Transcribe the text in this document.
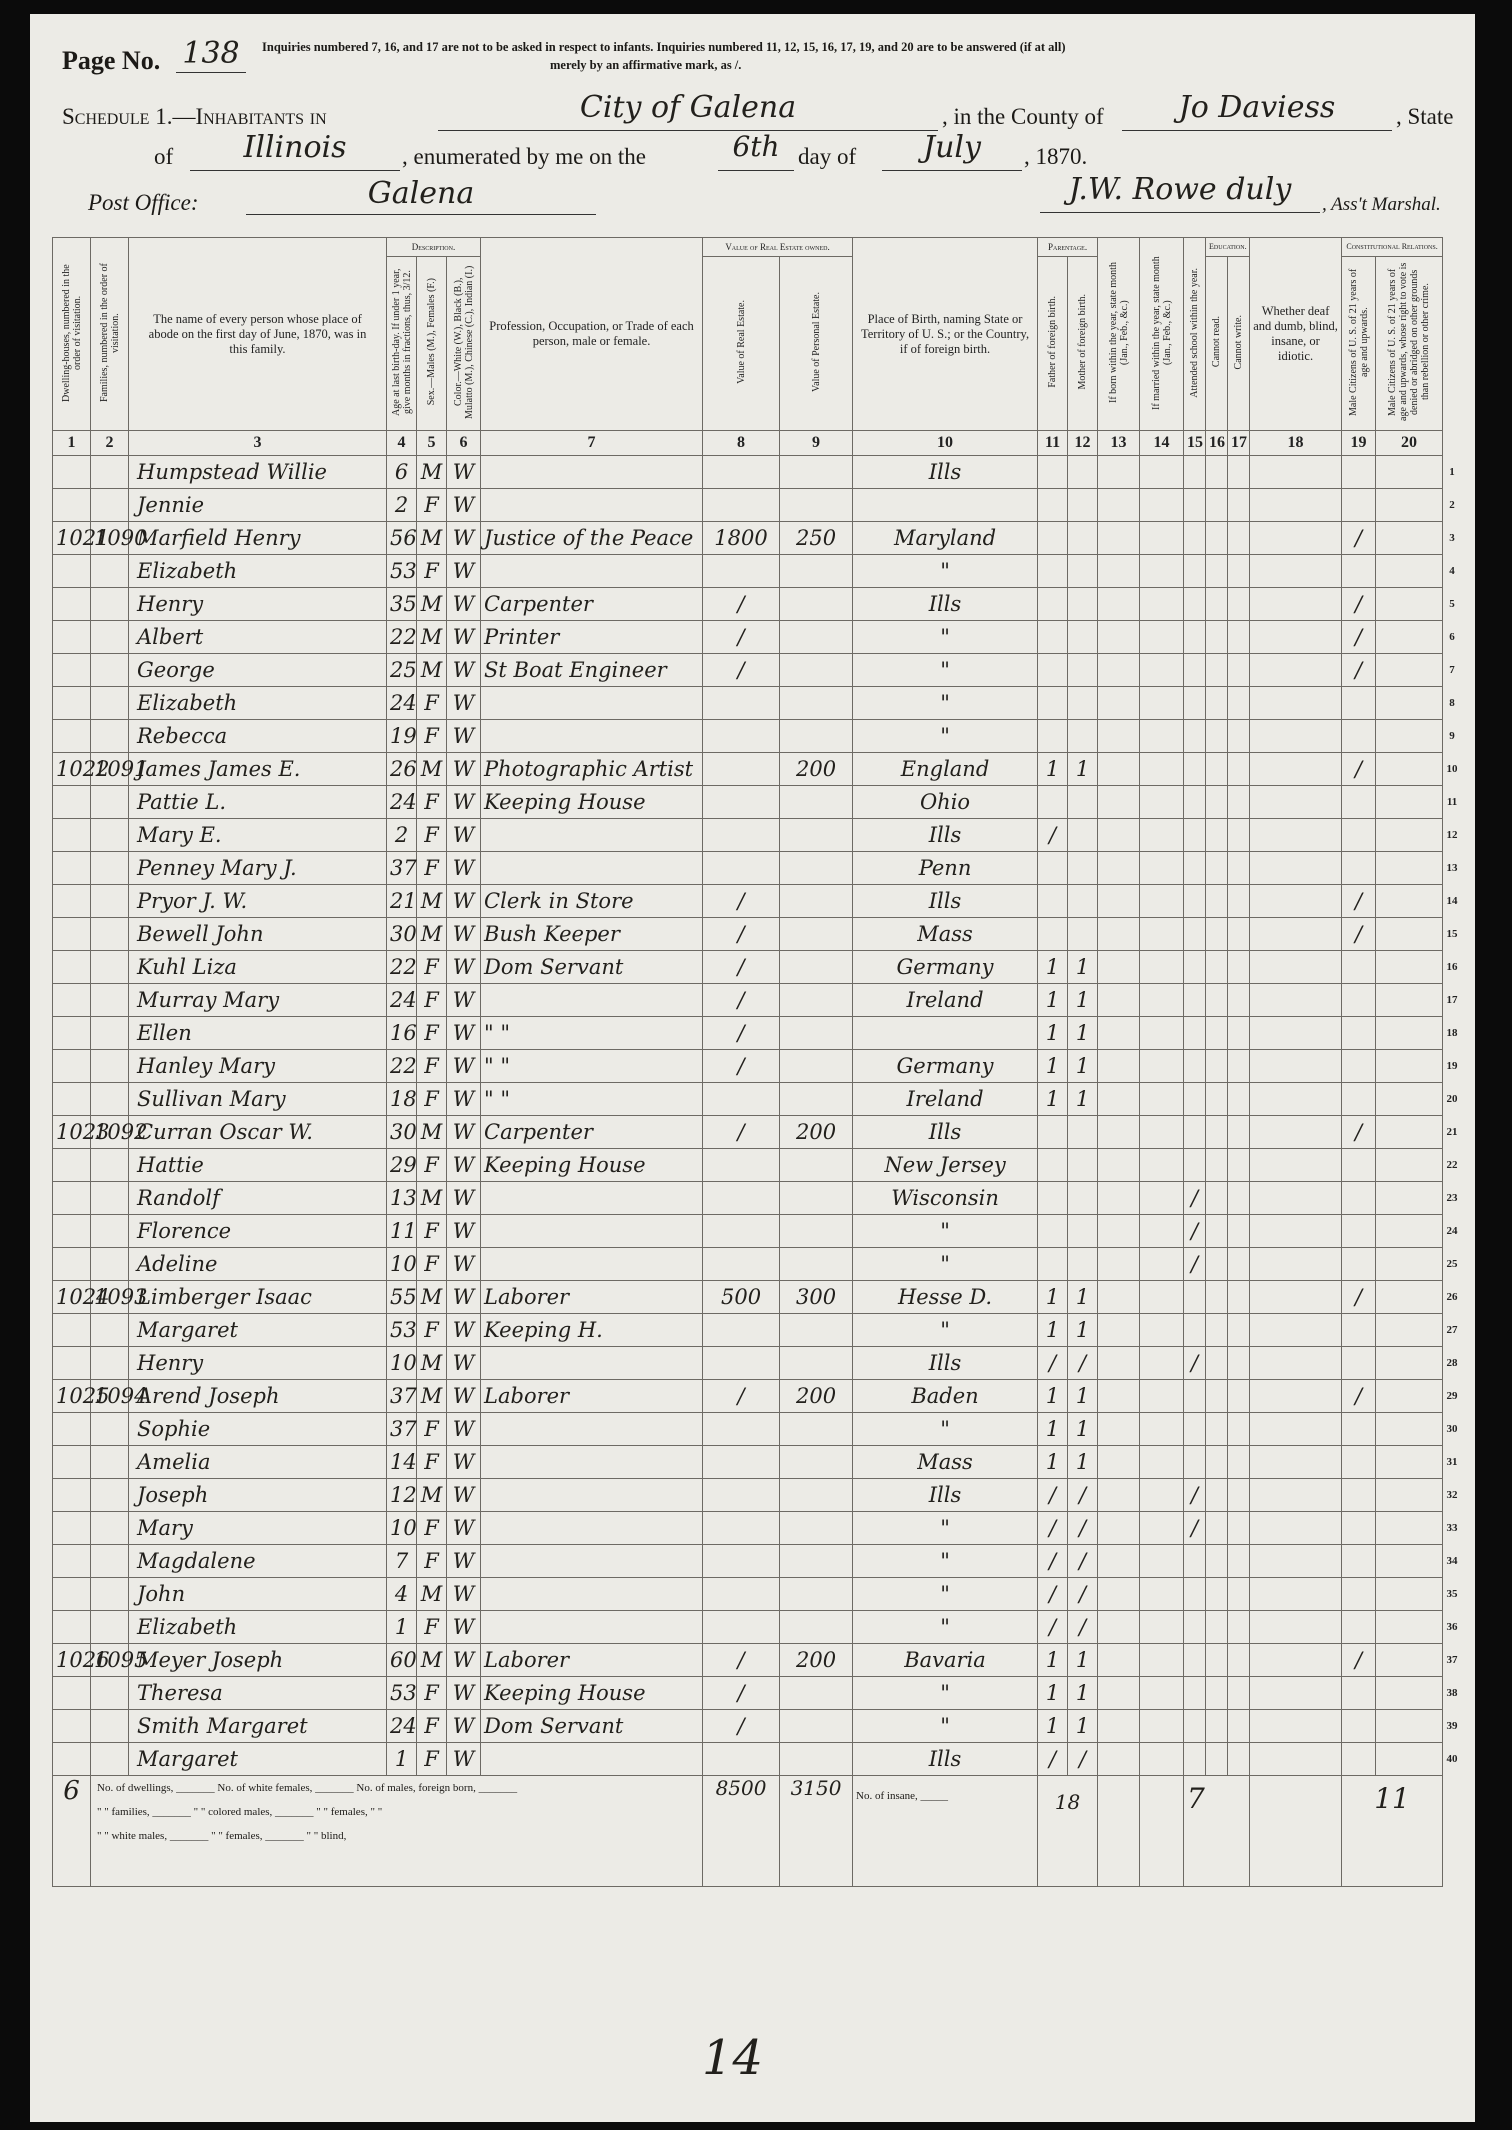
Page No. 138	Inquiries numbered 7, 16, and 17 are not to be asked in respect to infants. Inquiries numbered 11, 12, 15, 16, 17, 19, and 20 are to be answered (if at all)
merely by an affirmative mark, as /.
Schedule 1.—Inhabitants in	City of Galena	, in the County of	Jo Daviess	, State
of	Illinois	, enumerated by me on the	6th day of	July	, 1870.
Post Office:	Galena	J.W. Rowe duly	, Ass't Marshal.
Dwelling-houses, numbered in the order of visitation.	Families, numbered in the order of visitation.	The name of every person whose place of abode on the first day of June, 1870, was in this family.	Description.			Profession, Occupation, or Trade of each person, male or female.	Value of Real Estate owned.		Place of Birth, naming State or Territory of U. S.; or the Country, if of foreign birth.	Parentage.		If born within the year, state month (Jan., Feb., &c.)	If married within the year, state month (Jan., Feb., &c.)	Attended school within the year.	Education.		Whether deaf and dumb, blind, insane, or idiotic.	Constitutional Relations.		
			Age at last birth-day. If under 1 year, give months in fractions, thus, 3/12.	Sex.—Males (M.), Females (F.)	Color.—White (W.), Black (B.), Mulatto (M.), Chinese (C.), Indian (I.)		Value of Real Estate.	Value of Personal Estate.		Father of foreign birth.	Mother of foreign birth.				Cannot read.	Cannot write.		Male Citizens of U. S. of 21 years of age and upwards.	Male Citizens of U. S. of 21 years of age and upwards, whose right to vote is denied or abridged on other grounds than rebellion or other crime.	
1	2	3	4	5	6	7	8	9	10	11	12	13	14	15	16	17	18	19	20	
		Humpstead Willie	6	M	W				Ills											1
		Jennie	2	F	W															2
1021	1090	Marfield Henry	56	M	W	Justice of the Peace	1800	250	Maryland									/		3
		Elizabeth	53	F	W				"											4
		Henry	35	M	W	Carpenter	/		Ills									/		5
		Albert	22	M	W	Printer	/		"									/		6
		George	25	M	W	St Boat Engineer	/		"									/		7
		Elizabeth	24	F	W				"											8
		Rebecca	19	F	W				"											9
1022	1091	James James E.	26	M	W	Photographic Artist		200	England	1	1							/		10
		Pattie L.	24	F	W	Keeping House			Ohio											11
		Mary E.	2	F	W				Ills	/										12
		Penney Mary J.	37	F	W				Penn											13
		Pryor J. W.	21	M	W	Clerk in Store	/		Ills									/		14
		Bewell John	30	M	W	Bush Keeper	/		Mass									/		15
		Kuhl Liza	22	F	W	Dom Servant	/		Germany	1	1									16
		Murray Mary	24	F	W		/		Ireland	1	1									17
		Ellen	16	F	W	" "	/			1	1									18
		Hanley Mary	22	F	W	" "	/		Germany	1	1									19
		Sullivan Mary	18	F	W	" "			Ireland	1	1									20
1023	1092	Curran Oscar W.	30	M	W	Carpenter	/	200	Ills									/		21
		Hattie	29	F	W	Keeping House			New Jersey											22
		Randolf	13	M	W				Wisconsin					/						23
		Florence	11	F	W				"					/						24
		Adeline	10	F	W				"					/						25
1024	1093	Limberger Isaac	55	M	W	Laborer	500	300	Hesse D.	1	1							/		26
		Margaret	53	F	W	Keeping H.			"	1	1									27
		Henry	10	M	W				Ills	/	/			/						28
1025	1094	Arend Joseph	37	M	W	Laborer	/	200	Baden	1	1							/		29
		Sophie	37	F	W				"	1	1									30
		Amelia	14	F	W				Mass	1	1									31
		Joseph	12	M	W				Ills	/	/			/						32
		Mary	10	F	W				"	/	/			/						33
		Magdalene	7	F	W				"	/	/									34
		John	4	M	W				"	/	/									35
		Elizabeth	1	F	W				"	/	/									36
1026	1095	Meyer Joseph	60	M	W	Laborer	/	200	Bavaria	1	1							/		37
		Theresa	53	F	W	Keeping House	/		"	1	1									38
		Smith Margaret	24	F	W	Dom Servant	/		"	1	1									39
		Margaret	1	F	W				Ills	/	/									40
6	No. of dwellings, _______ No. of white females, _______ No. of males, foreign born, _______
" " families, _______ " " colored males, _______ " " females, " "
" " white males, _______ " " females, _______ " " blind,						8500	3150	No. of insane, _____	18				7				11		
14
